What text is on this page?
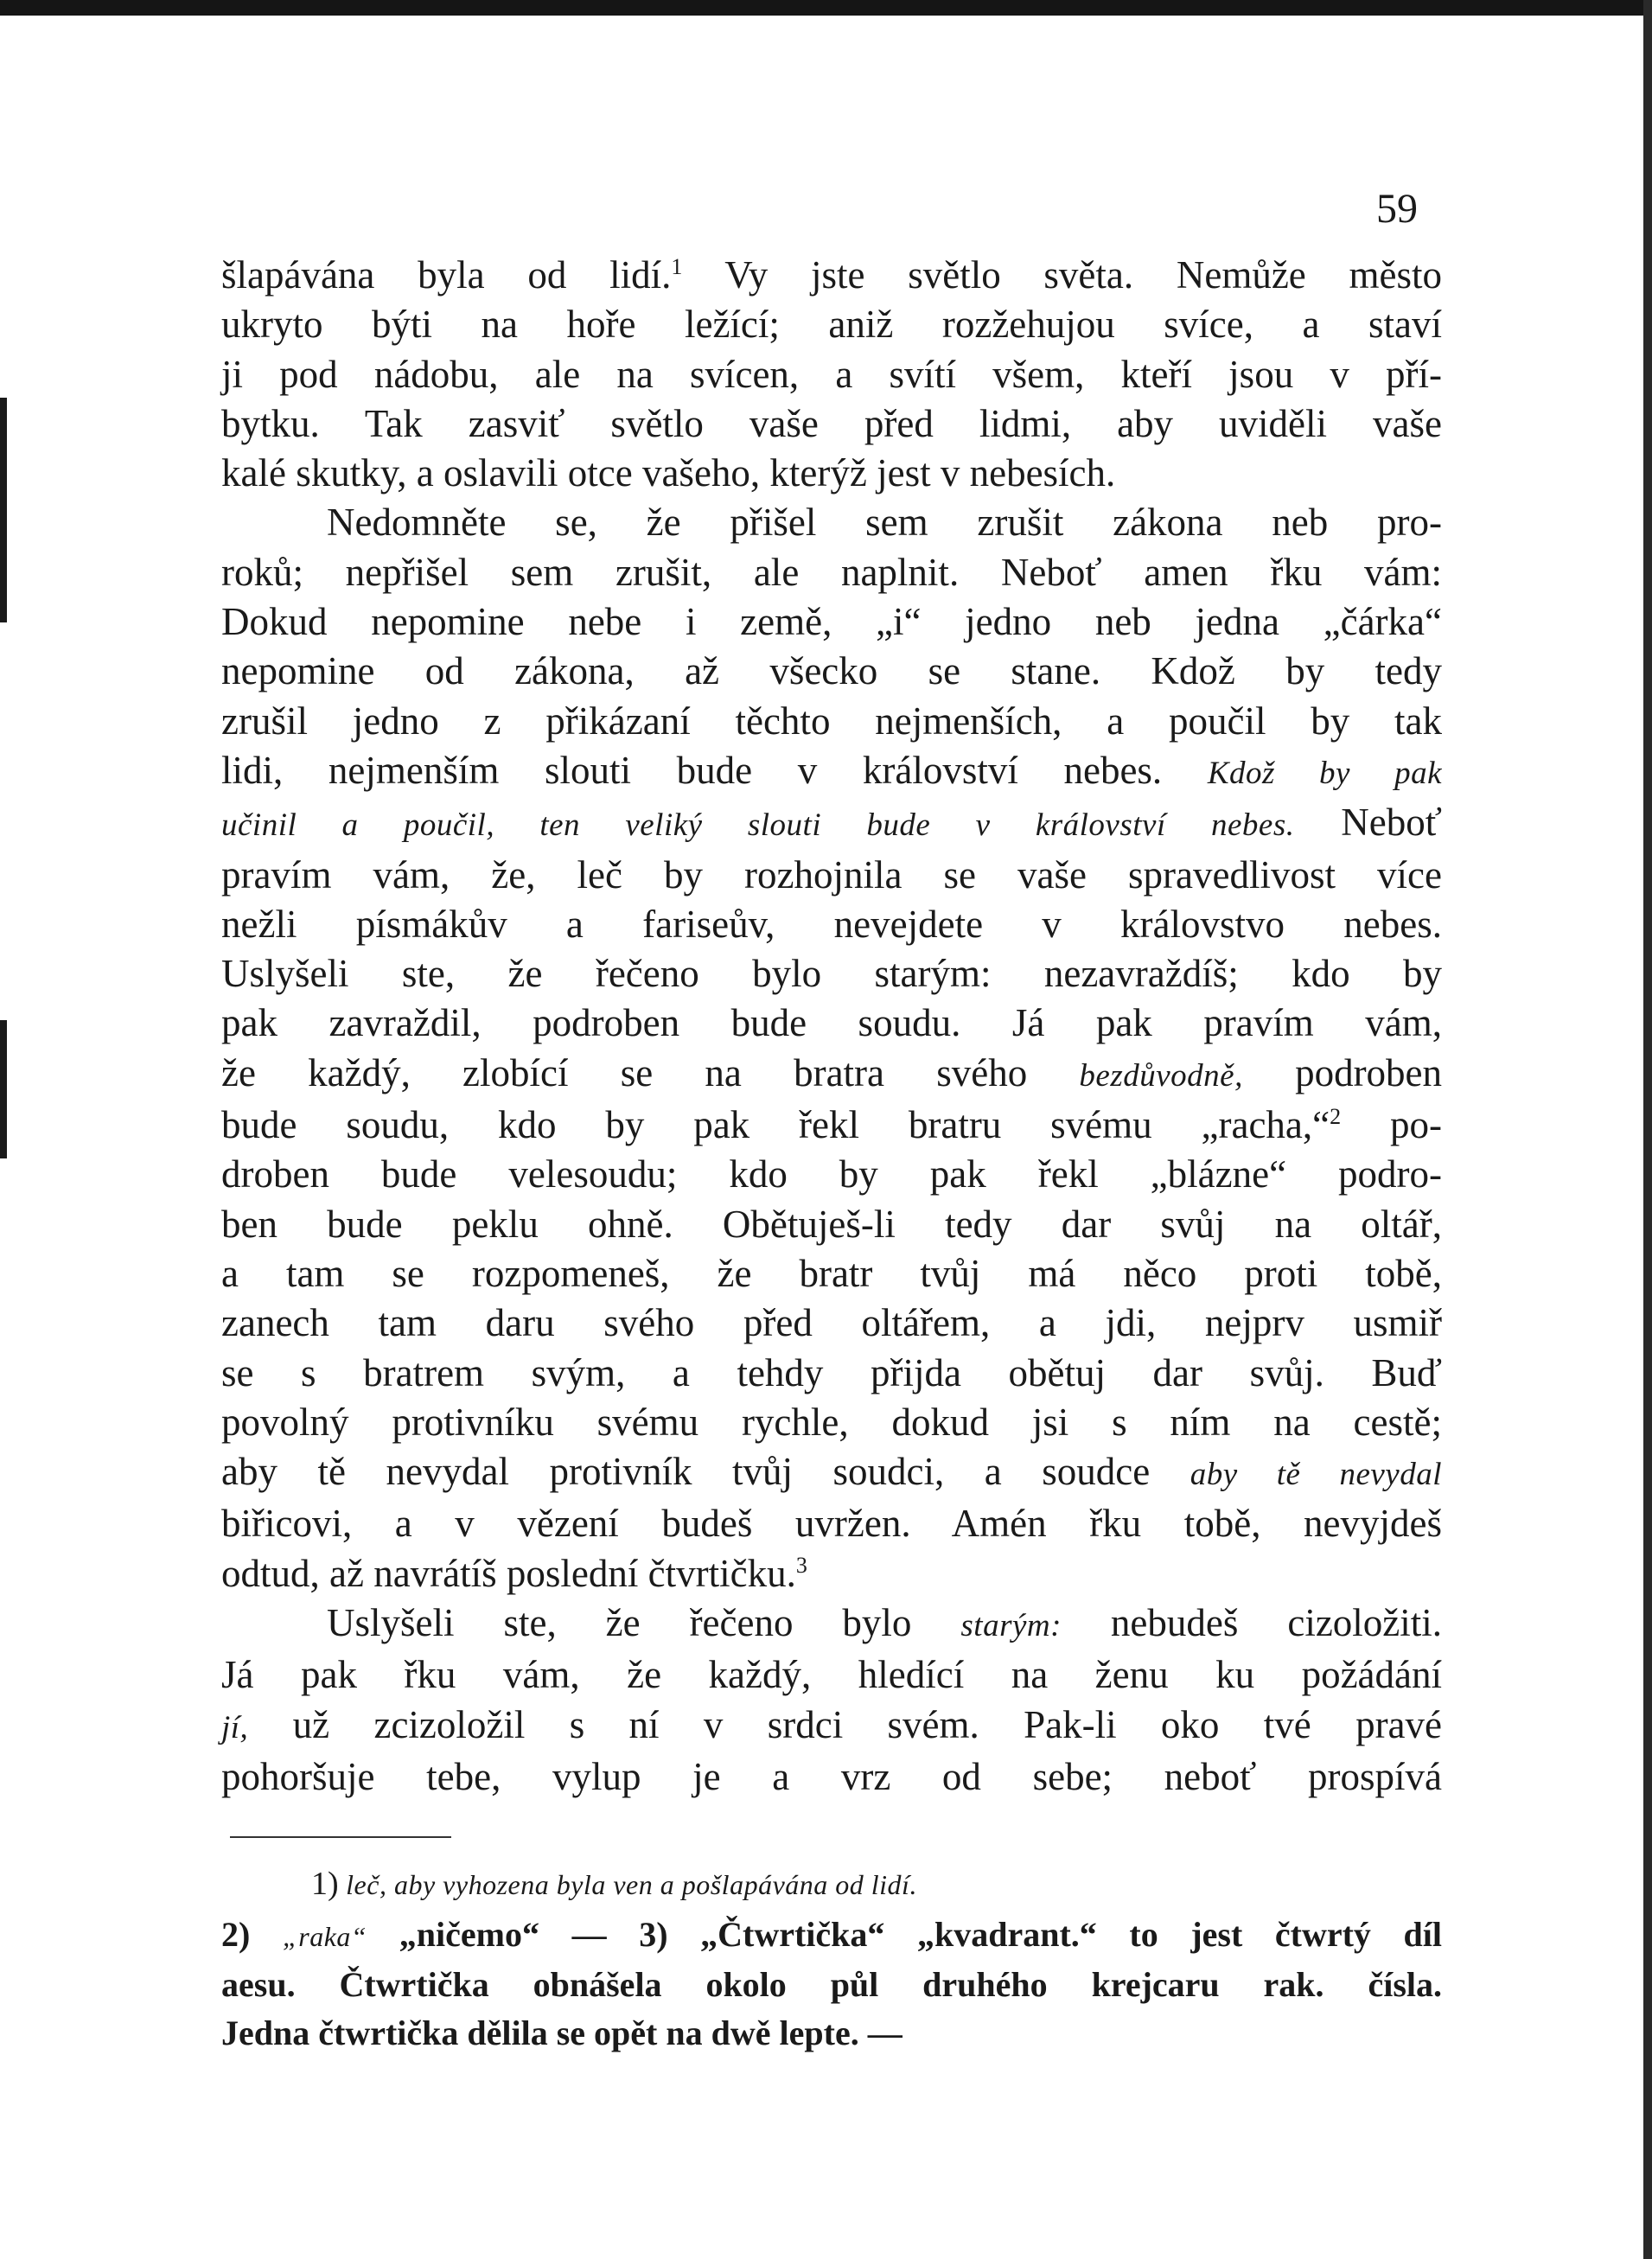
59
šlapávána byla od lidí.$^1$ Vy jste světlo světa. Nemůže město
ukryto býti na hoře ležící; aniž rozžehujou svíce, a staví
ji pod nádobu, ale na svícen, a svítí všem, kteří jsou v pří-
bytku. Tak zasviť světlo vaše před lidmi, aby uviděli vaše
kalé skutky, a oslavili otce vašeho, kterýž jest v nebesích.
Nedomněte se, že přišel sem zrušit zákona neb pro-
roků; nepřišel sem zrušit, ale naplnit. Neboť amen řku vám:
Dokud nepomine nebe i země, „i“ jedno neb jedna „čárka“
nepomine od zákona, až všecko se stane. Kdož by tedy
zrušil jedno z přikázaní těchto nejmenších, a poučil by tak
lidi, nejmenším slouti bude v království nebes. Kdož by pak
učinil a poučil, ten veliký slouti bude v království nebes. Neboť
pravím vám, že, leč by rozhojnila se vaše spravedlivost více
nežli písmákův a fariseův, nevejdete v královstvo nebes.
Uslyšeli ste, že řečeno bylo starým: nezavraždíš; kdo by
pak zavraždil, podroben bude soudu. Já pak pravím vám,
že každý, zlobící se na bratra svého bezdůvodně, podroben
bude soudu, kdo by pak řekl bratru svému „racha,“$^2$ po-
droben bude velesoudu; kdo by pak řekl „blázne“ podro-
ben bude peklu ohně. Obětuješ-li tedy dar svůj na oltář,
a tam se rozpomeneš, že bratr tvůj má něco proti tobě,
zanech tam daru svého před oltářem, a jdi, nejprv usmiř
se s bratrem svým, a tehdy přijda obětuj dar svůj. Buď
povolný protivníku svému rychle, dokud jsi s ním na cestě;
aby tě nevydal protivník tvůj soudci, a soudce aby tě nevydal
biřicovi, a v vězení budeš uvržen. Amén řku tobě, nevyjdeš
odtud, až navrátíš poslední čtvrtičku.$^3$
Uslyšeli ste, že řečeno bylo starým: nebudeš cizoložiti.
Já pak řku vám, že každý, hledící na ženu ku požádání
jí, už zcizoložil s ní v srdci svém. Pak-li oko tvé pravé
pohoršuje tebe, vylup je a vrz od sebe; neboť prospívá
1) leč, aby vyhozena byla ven a pošlapávána od lidí.
2) „raka“ „ničemo“ — 3) „Čtwrtička“ „kvadrant.“ to jest čtwrtý díl
aesu. Čtwrtička obnášela okolo půl druhého krejcaru rak. čísla.
Jedna čtwrtička dělila se opět na dwě lepte. —
